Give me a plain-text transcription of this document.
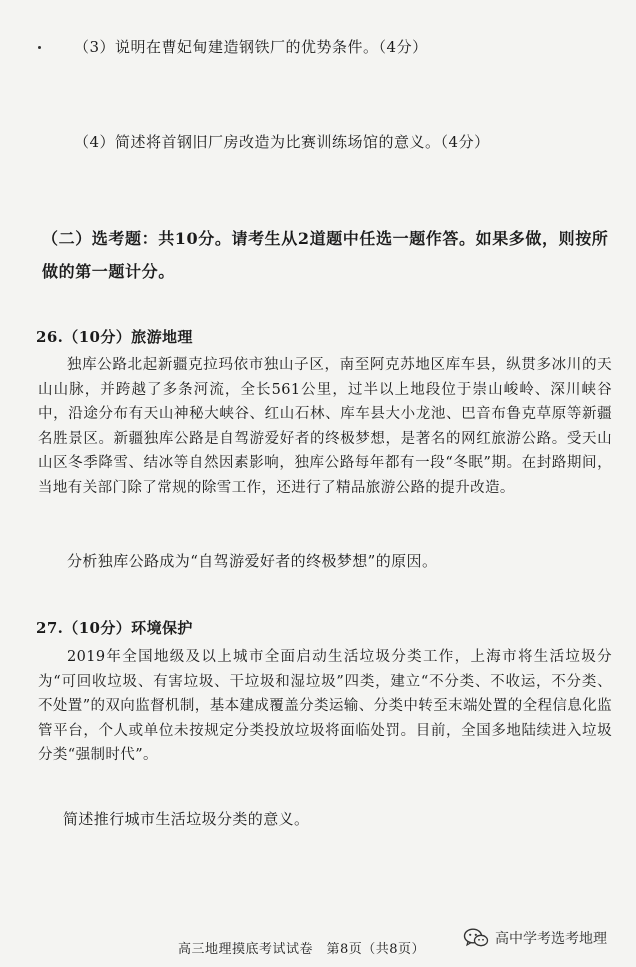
（3）说明在曹妃甸建造钢铁厂的优势条件。（4分）
（4）简述将首钢旧厂房改造为比赛训练场馆的意义。（4分）
（二）选考题：共10分。请考生从2道题中任选一题作答。如果多做，则按所做的第一题计分。
26.（10分）旅游地理
独库公路北起新疆克拉玛依市独山子区，南至阿克苏地区库车县，纵贯多冰川的天山山脉，并跨越了多条河流，全长561公里，过半以上地段位于崇山峻岭、深川峡谷中，沿途分布有天山神秘大峡谷、红山石林、库车县大小龙池、巴音布鲁克草原等新疆名胜景区。新疆独库公路是自驾游爱好者的终极梦想，是著名的网红旅游公路。受天山山区冬季降雪、结冰等自然因素影响，独库公路每年都有一段“冬眠”期。在封路期间，当地有关部门除了常规的除雪工作，还进行了精品旅游公路的提升改造。
分析独库公路成为“自驾游爱好者的终极梦想”的原因。
27.（10分）环境保护
2019年全国地级及以上城市全面启动生活垃圾分类工作，上海市将生活垃圾分为“可回收垃圾、有害垃圾、干垃圾和湿垃圾”四类，建立“不分类、不收运，不分类、不处置”的双向监督机制，基本建成覆盖分类运输、分类中转至末端处置的全程信息化监管平台，个人或单位未按规定分类投放垃圾将面临处罚。目前，全国多地陆续进入垃圾分类“强制时代”。
简述推行城市生活垃圾分类的意义。
高三地理摸底考试试卷　第8页（共8页）
高中学考选考地理
